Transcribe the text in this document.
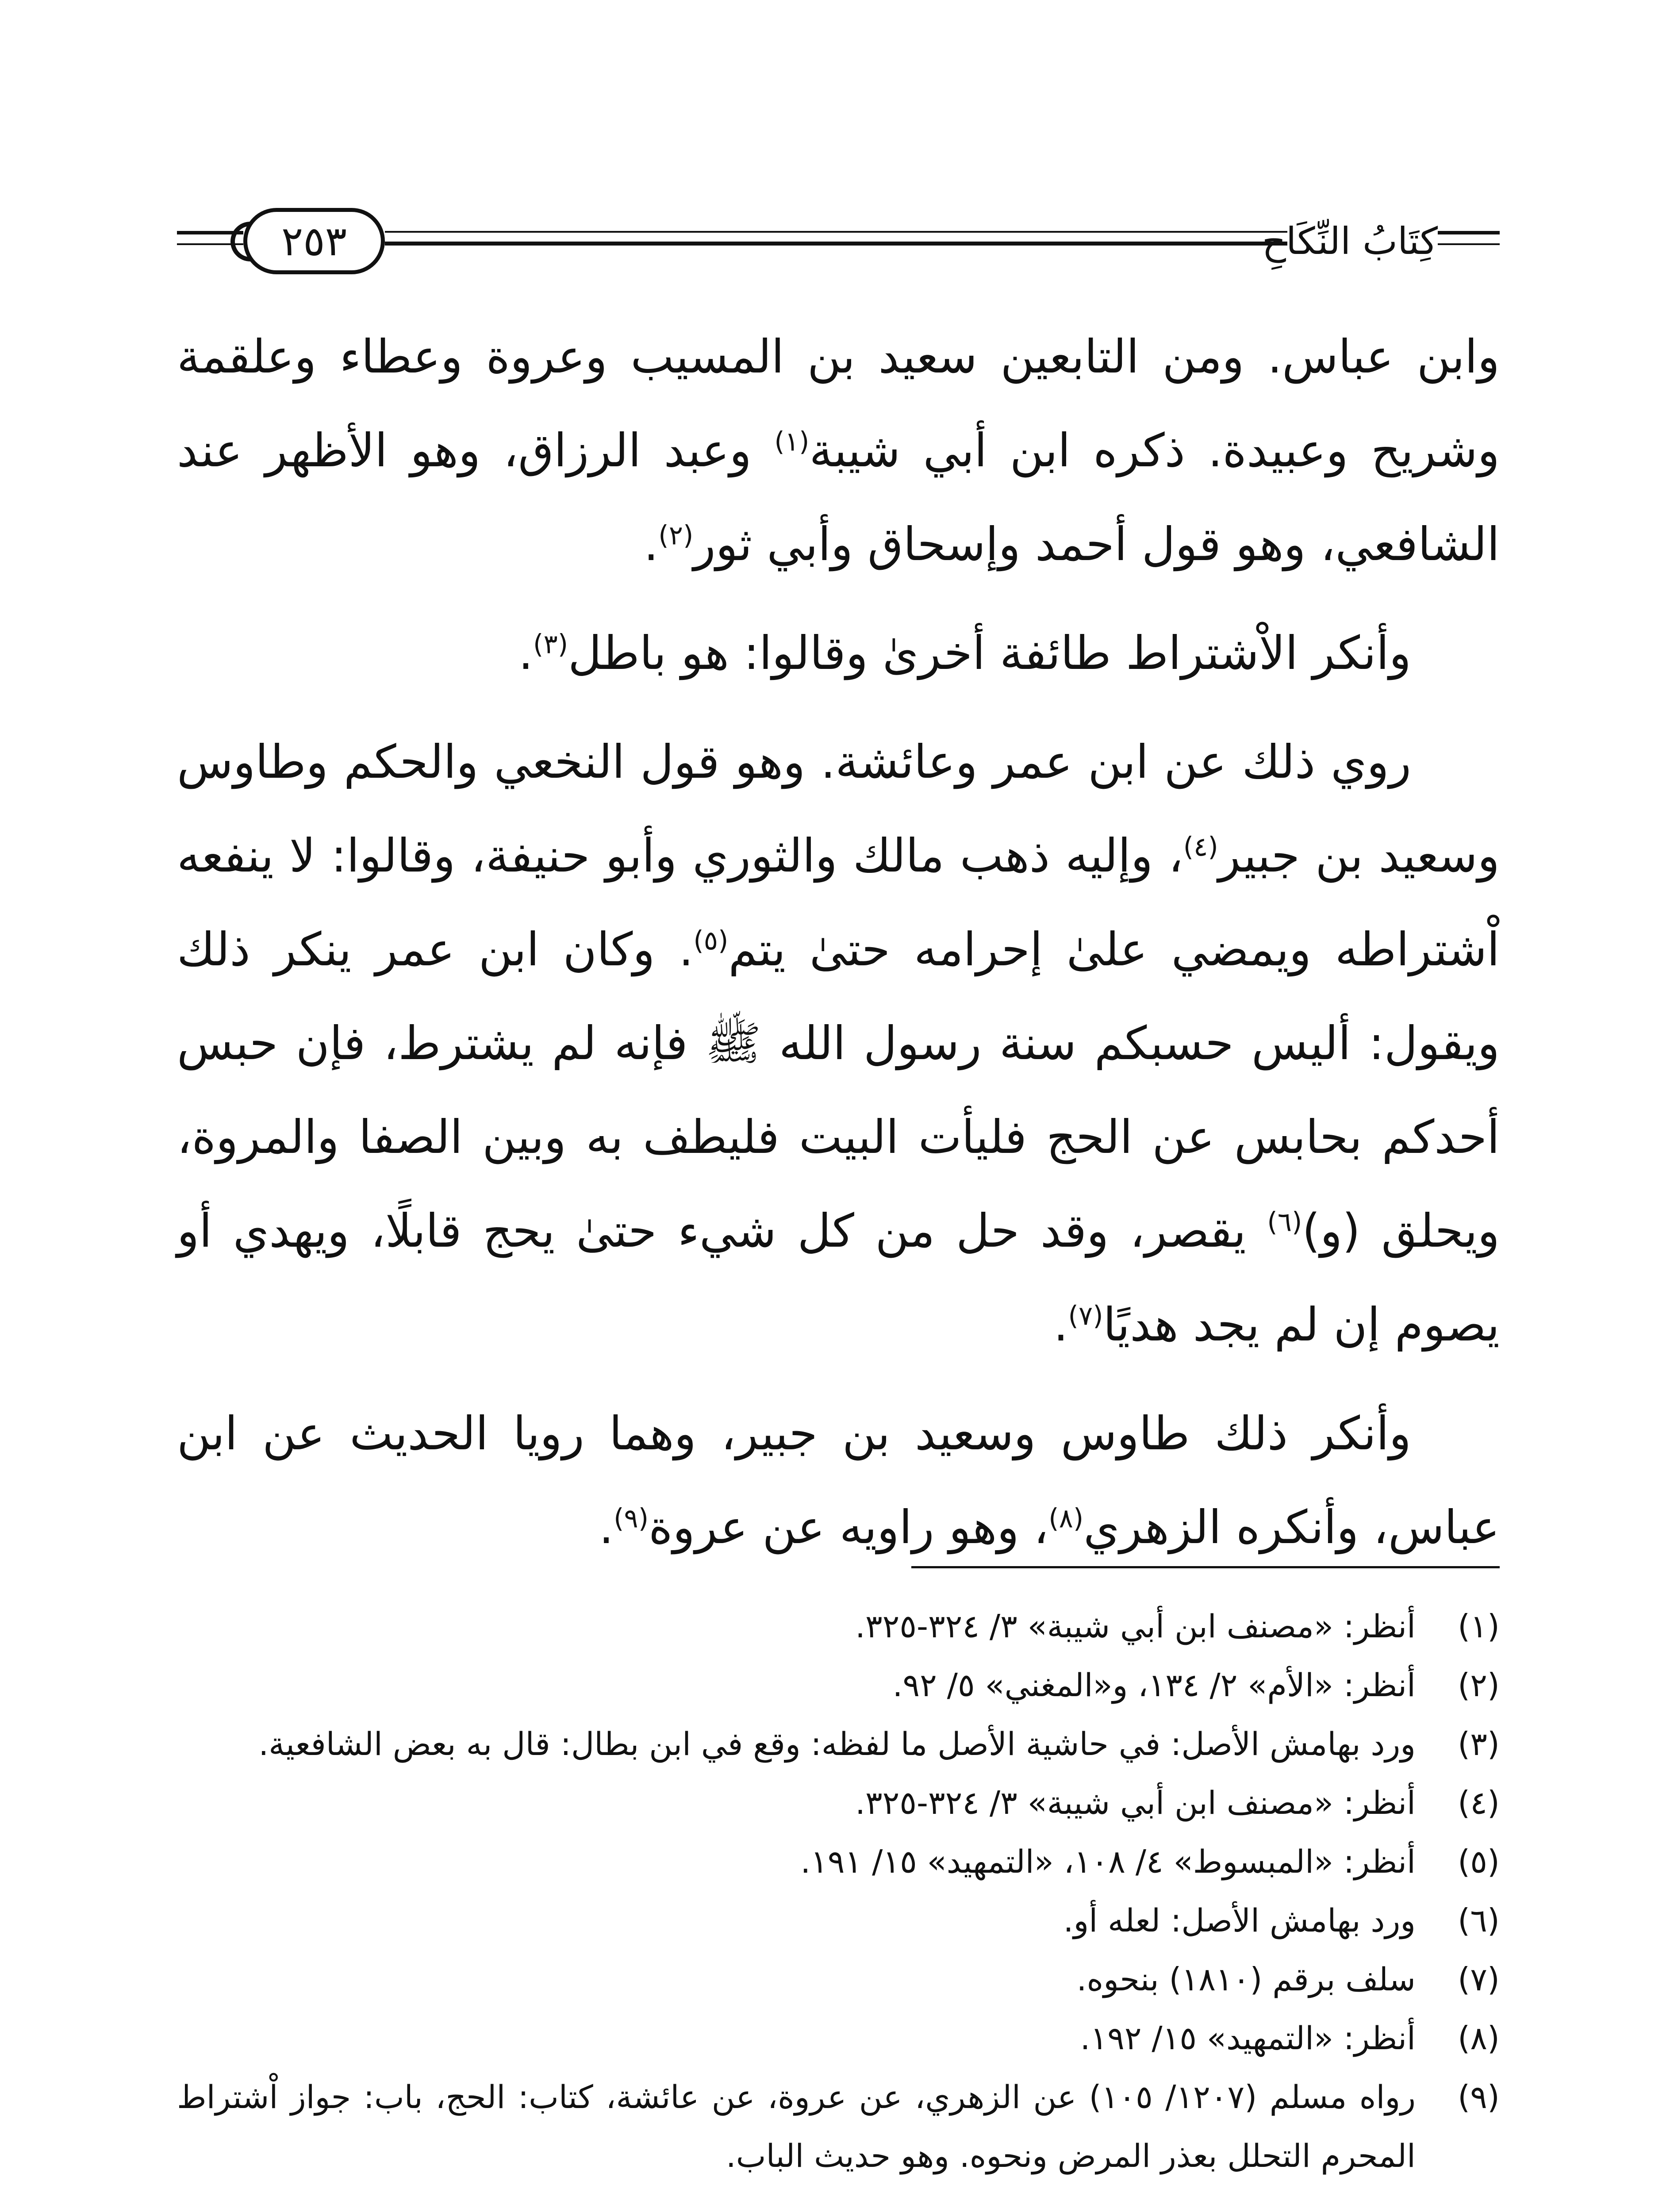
٢٥٣	كِتَابُ النِّكَاحِ

وابن عباس. ومن التابعين سعيد بن المسيب وعروة وعطاء وعلقمة وشريح وعبيدة. ذكره ابن أبي شيبة$^{(١)}$ وعبد الرزاق، وهو الأظهر عند الشافعي، وهو قول أحمد وإسحاق وأبي ثور$^{(٢)}$.

وأنكر الاْشتراط طائفة أخرىٰ وقالوا: هو باطل$^{(٣)}$.

روي ذلك عن ابن عمر وعائشة. وهو قول النخعي والحكم وطاوس وسعيد بن جبير$^{(٤)}$، وإليه ذهب مالك والثوري وأبو حنيفة، وقالوا: لا ينفعه اْشتراطه ويمضي علىٰ إحرامه حتىٰ يتم$^{(٥)}$. وكان ابن عمر ينكر ذلك ويقول: أليس حسبكم سنة رسول الله ﷺ فإنه لم يشترط، فإن حبس أحدكم بحابس عن الحج فليأت البيت فليطف به وبين الصفا والمروة، ويحلق (و)$^{(٦)}$ يقصر، وقد حل من كل شيء حتىٰ يحج قابلًا، ويهدي أو يصوم إن لم يجد هديًا$^{(٧)}$.

وأنكر ذلك طاوس وسعيد بن جبير، وهما رويا الحديث عن ابن عباس، وأنكره الزهري$^{(٨)}$، وهو راويه عن عروة$^{(٩)}$.

(١)
أنظر: «مصنف ابن أبي شيبة» ٣/ ٣٢٤-٣٢٥.
(٢)
أنظر: «الأم» ٢/ ١٣٤، و«المغني» ٥/ ٩٢.
(٣)
ورد بهامش الأصل: في حاشية الأصل ما لفظه: وقع في ابن بطال: قال به بعض الشافعية.
(٤)
أنظر: «مصنف ابن أبي شيبة» ٣/ ٣٢٤-٣٢٥.
(٥)
أنظر: «المبسوط» ٤/ ١٠٨، «التمهيد» ١٥/ ١٩١.
(٦)
ورد بهامش الأصل: لعله أو.
(٧)
سلف برقم (١٨١٠) بنحوه.
(٨)
أنظر: «التمهيد» ١٥/ ١٩٢.
(٩)
رواه مسلم (١٢٠٧/ ١٠٥) عن الزهري، عن عروة، عن عائشة، كتاب: الحج، باب: جواز اْشتراط المحرم التحلل بعذر المرض ونحوه. وهو حديث الباب.
